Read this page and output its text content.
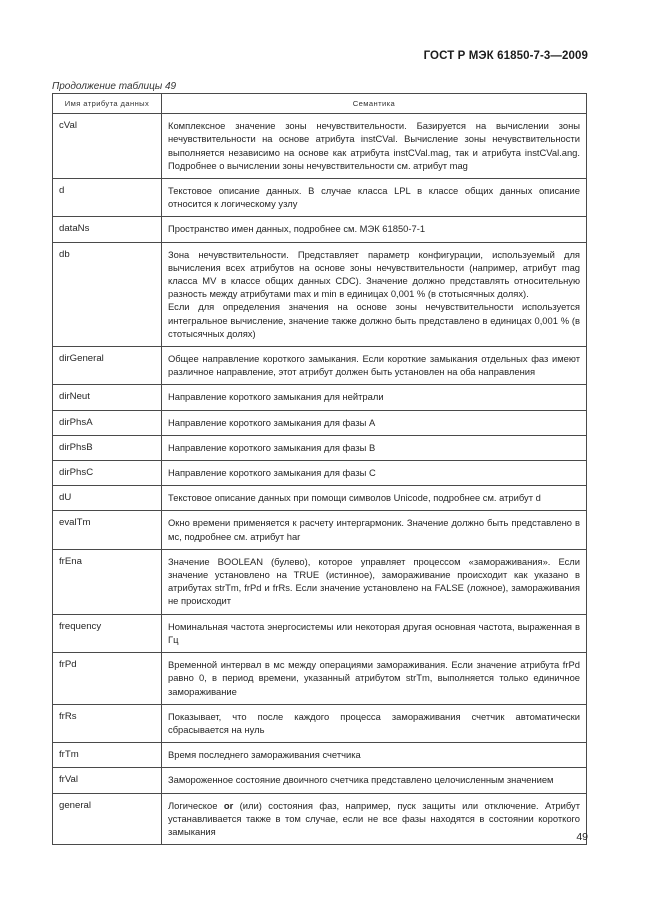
ГОСТ Р МЭК 61850-7-3—2009
Продолжение таблицы 49
Имя атрибута данных	Семантика
cVal	Комплексное значение зоны нечувствительности. Базируется на вычислении зоны нечувствительности на основе атрибута instCVal. Вычисление зоны нечувствительности выполняется независимо на основе как атрибута instCVal.mag, так и атрибута instCVal.ang. Подробнее о вычислении зоны нечувствительности см. атрибут mag
d	Текстовое описание данных. В случае класса LPL в классе общих данных описание относится к логическому узлу
dataNs	Пространство имен данных, подробнее см. МЭК 61850-7-1
db	Зона нечувствительности. Представляет параметр конфигурации, используемый для вычисления всех атрибутов на основе зоны нечувствительности (например, атрибут mag класса MV в классе общих данных CDC). Значение должно представлять относительную разность между атрибутами max и min в единицах 0,001 % (в стотысячных долях).
Если для определения значения на основе зоны нечувствительности используется интегральное вычисление, значение также должно быть представлено в единицах 0,001 % (в стотысячных долях)

dirGeneral	Общее направление короткого замыкания. Если короткие замыкания отдельных фаз имеют различное направление, этот атрибут должен быть установлен на оба направления
dirNeut	Направление короткого замыкания для нейтрали
dirPhsA	Направление короткого замыкания для фазы А
dirPhsB	Направление короткого замыкания для фазы В
dirPhsC	Направление короткого замыкания для фазы С
dU	Текстовое описание данных при помощи символов Unicode, подробнее см. атрибут d
evalTm	Окно времени применяется к расчету интергармоник. Значение должно быть представлено в мс, подробнее см. атрибут har
frEna	Значение BOOLEAN (булево), которое управляет процессом «замораживания». Если значение установлено на TRUE (истинное), замораживание происходит как указано в атрибутах strTm, frPd и frRs. Если значение установлено на FALSE (ложное), замораживания не происходит
frequency	Номинальная частота энергосистемы или некоторая другая основная частота, выраженная в Гц
frPd	Временной интервал в мс между операциями замораживания. Если значение атрибута frPd равно 0, в период времени, указанный атрибутом strTm, выполняется только единичное замораживание
frRs	Показывает, что после каждого процесса замораживания счетчик автоматически сбрасывается на нуль
frTm	Время последнего замораживания счетчика
frVal	Замороженное состояние двоичного счетчика представлено целочисленным значением
general	Логическое or (или) состояния фаз, например, пуск защиты или отключение. Атрибут устанавливается также в том случае, если не все фазы находятся в состоянии короткого замыкания	49
